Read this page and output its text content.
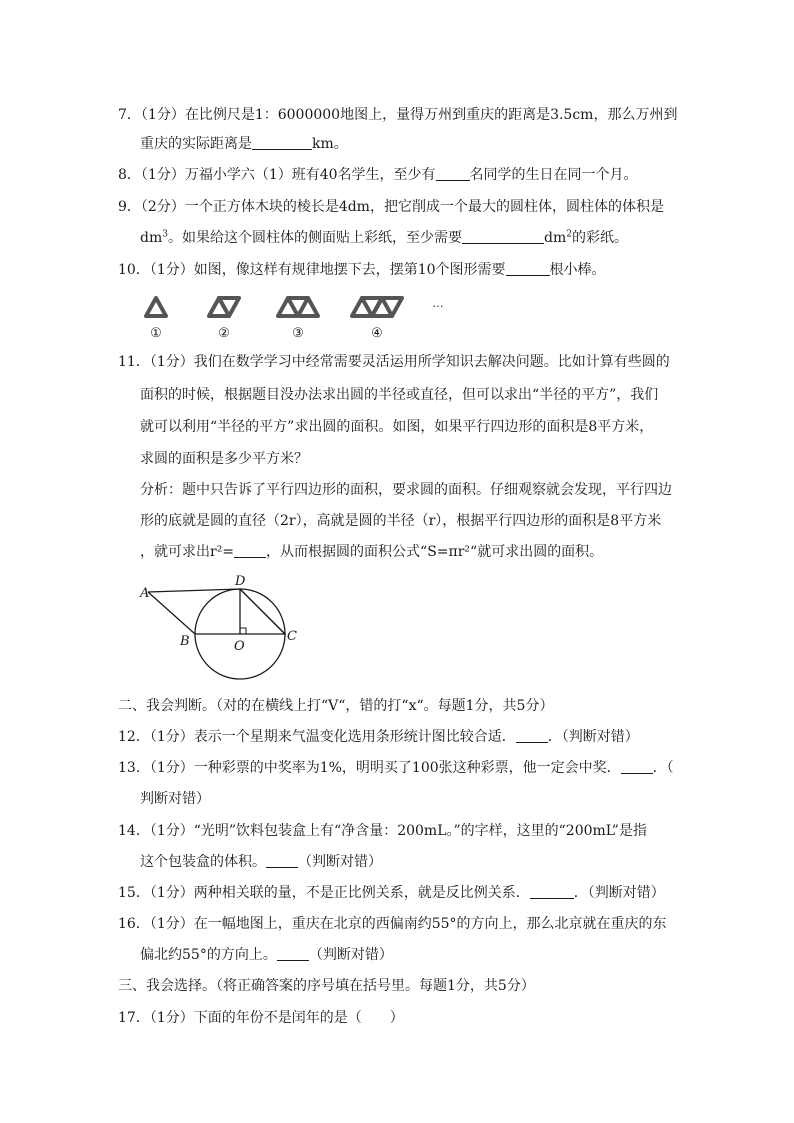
7．（1分）在比例尺是1：6000000地图上，量得万州到重庆的距离是3.5cm，那么万州到
重庆的实际距离是	km。
8．（1分）万福小学六（1）班有40名学生，至少有 名同学的生日在同一个月。
9．（2分）一个正方体木块的棱长是4dm，把它削成一个最大的圆柱体，圆柱体的体积是
$dm^3$。如果给这个圆柱体的侧面贴上彩纸，至少需要	$dm^2$的彩纸。
10．（1分）如图，像这样有规律地摆下去，摆第10个图形需要	根小棒。
①	②	③	④
…
11．（1分）我们在数学学习中经常需要灵活运用所学知识去解决问题。比如计算有些圆的
面积的时候，根据题目没办法求出圆的半径或直径，但可以求出“半径的平方”，我们
就可以利用“半径的平方”求出圆的面积。如图，如果平行四边形的面积是8平方米，
求圆的面积是多少平方米？
分析：题中只告诉了平行四边形的面积，要求圆的面积。仔细观察就会发现，平行四边
形的底就是圆的直径（2r），高就是圆的半径（r），根据平行四边形的面积是8平方米
，就可求出r²= ，从而根据圆的面积公式“S=πr²“就可求出圆的面积。
A
B	O
C
D
二、我会判断。（对的在横线上打“V“，错的打“x“。每题1分，共5分）
12．（1分）表示一个星期来气温变化选用条形统计图比较合适． ．（判断对错）
13．（1分）一种彩票的中奖率为1%，明明买了100张这种彩票，他一定会中奖． ．（
判断对错）
14．（1分）“光明”饮料包装盒上有“净含量：200mL。”的字样，这里的“200mL”是指
这个包装盒的体积。 （判断对错）
15．（1分）两种相关联的量，不是正比例关系，就是反比例关系．	．（判断对错）
16．（1分）在一幅地图上，重庆在北京的西偏南约55°的方向上，那么北京就在重庆的东
偏北约55°的方向上。 （判断对错）
三、我会选择。（将正确答案的序号填在括号里。每题1分，共5分）
17．（1分）下面的年份不是闰年的是（　　）
